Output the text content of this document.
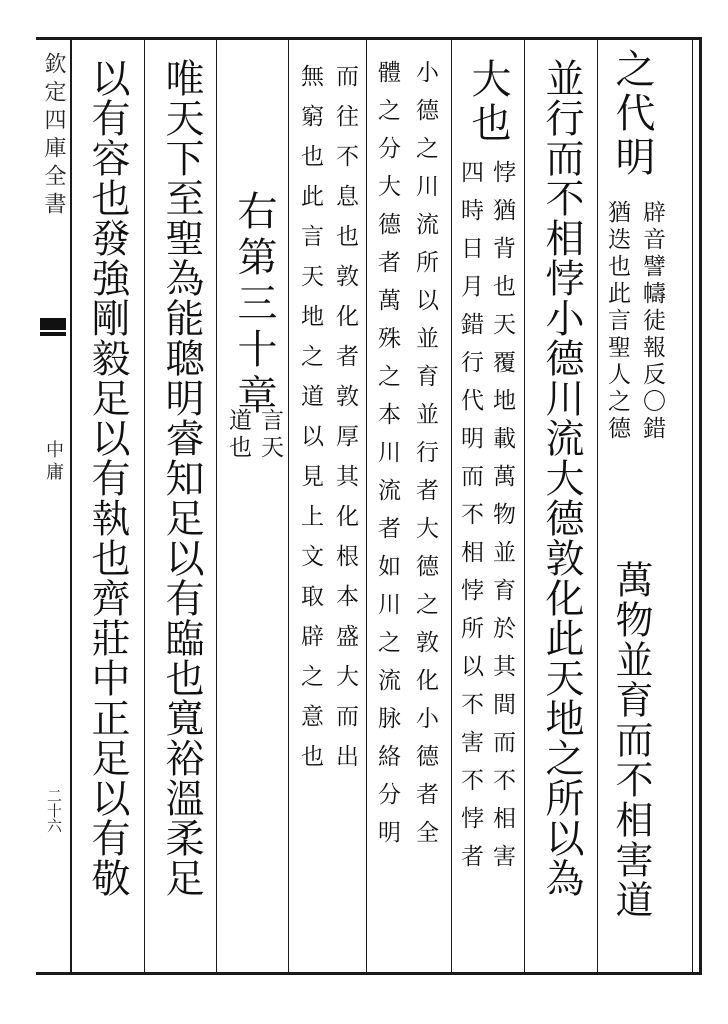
欽定四庫全書
中庸
二十六
之代明
辟音譬幬徒報反〇錯
猶迭也此言聖人之德
萬物並育而不相害道
並行而不相悖小德川流大德敦化此天地之所以為
大也
悖猶背也天覆地載萬物並育於其間而不相害
四時日月錯行代明而不相悖所以不害不悖者
小德之川流所以並育並行者大德之敦化小德者全
體之分大德者萬殊之本川流者如川之流脉絡分明
而往不息也敦化者敦厚其化根本盛大而出
無窮也此言天地之道以見上文取辟之意也
右第三十章
言天
道也
唯天下至聖為能聰明睿知足以有臨也寬裕溫柔足
以有容也發強剛毅足以有執也齊莊中正足以有敬
